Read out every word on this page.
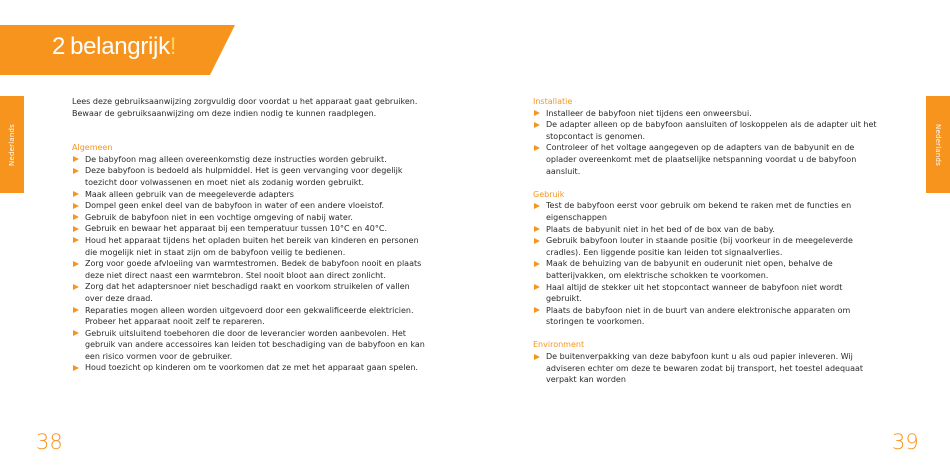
2 belangrijk!
Nederlands	Nederlands

Lees deze gebruiksaanwijzing zorgvuldig door voordat u het apparaat gaat gebruiken. Bewaar de gebruiksaanwijzing om deze indien nodig te kunnen raadplegen.

Algemeen

De babyfoon mag alleen overeenkomstig deze instructies worden gebruikt.
Deze babyfoon is bedoeld als hulpmiddel. Het is geen vervanging voor degelijk toezicht door volwassenen en moet niet als zodanig worden gebruikt.
Maak alleen gebruik van de meegeleverde adapters
Dompel geen enkel deel van de babyfoon in water of een andere vloeistof.
Gebruik de babyfoon niet in een vochtige omgeving of nabij water.
Gebruik en bewaar het apparaat bij een temperatuur tussen 10°C en 40°C.
Houd het apparaat tijdens het opladen buiten het bereik van kinderen en personen die mogelijk niet in staat zijn om de babyfoon veilig te bedienen.
Zorg voor goede afvloeiing van warmtestromen. Bedek de babyfoon nooit en plaats deze niet direct naast een warmtebron. Stel nooit bloot aan direct zonlicht.
Zorg dat het adaptersnoer niet beschadigd raakt en voorkom struikelen of vallen over deze draad.
Reparaties mogen alleen worden uitgevoerd door een gekwalificeerde elektricien. Probeer het apparaat nooit zelf te repareren.
Gebruik uitsluitend toebehoren die door de leverancier worden aanbevolen. Het gebruik van andere accessoires kan leiden tot beschadiging van de babyfoon en kan een risico vormen voor de gebruiker.
Houd toezicht op kinderen om te voorkomen dat ze met het apparaat gaan spelen.

Installatie

Installeer de babyfoon niet tijdens een onweersbui.
De adapter alleen op de babyfoon aansluiten of loskoppelen als de adapter uit het stopcontact is genomen.
Controleer of het voltage aangegeven op de adapters van de babyunit en de oplader overeenkomt met de plaatselijke netspanning voordat u de babyfoon aansluit.

Gebruik

Test de babyfoon eerst voor gebruik om bekend te raken met de functies en eigenschappen
Plaats de babyunit niet in het bed of de box van de baby.
Gebruik babyfoon louter in staande positie (bij voorkeur in de meegeleverde cradles). Een liggende positie kan leiden tot signaalverlies.
Maak de behuizing van de babyunit en ouderunit niet open, behalve de batterijvakken, om elektrische schokken te voorkomen.
Haal altijd de stekker uit het stopcontact wanneer de babyfoon niet wordt gebruikt.
Plaats de babyfoon niet in de buurt van andere elektronische apparaten om storingen te voorkomen.

Environment

De buitenverpakking van deze babyfoon kunt u als oud papier inleveren. Wij adviseren echter om deze te bewaren zodat bij transport, het toestel adequaat verpakt kan worden
38	39
